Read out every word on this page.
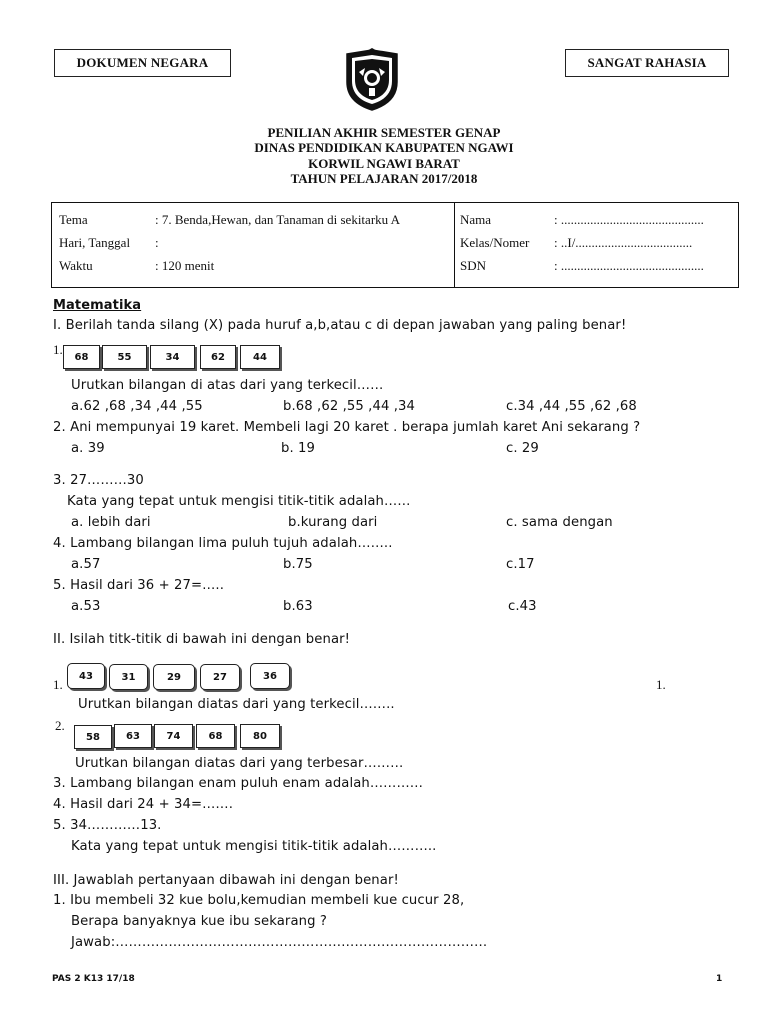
DOKUMEN NEGARA	SANGAT RAHASIA
PENILIAN AKHIR SEMESTER GENAP
DINAS PENDIDIKAN KABUPATEN NGAWI
KORWIL NGAWI BARAT
TAHUN PELAJARAN 2017/2018
Tema	: 7. Benda,Hewan, dan Tanaman di sekitarku A
Hari, Tanggal :
Waktu	: 120 menit
Nama	: ............................................
Kelas/Nomer : ..I/....................................
SDN	: ............................................
Matematika
I. Berilah tanda silang (X) pada huruf a,b,atau c di depan jawaban yang paling benar!
1.	68	55	34	62	44
Urutkan bilangan di atas dari yang terkecil……
a.62 ,68 ,34 ,44 ,55	b.68 ,62 ,55 ,44 ,34	c.34 ,44 ,55 ,62 ,68
2. Ani mempunyai 19 karet. Membeli lagi 20 karet . berapa jumlah karet Ani sekarang ?
a. 39	b. 19	c. 29
3. 27………30
Kata yang tepat untuk mengisi titik-titik adalah……
a. lebih dari	b.kurang dari	c. sama dengan
4. Lambang bilangan lima puluh tujuh adalah……..
a.57	b.75	c.17
5. Hasil dari 36 + 27=…..
a.53	b.63	c.43
II. Isilah titk-titik di bawah ini dengan benar!
1.
43	31	29	27	36
1.
Urutkan bilangan diatas dari yang terkecil……..
2.
58	63	74	68	80
Urutkan bilangan diatas dari yang terbesar………
3. Lambang bilangan enam puluh enam adalah…………
4. Hasil dari 24 + 34=…….
5. 34…………13.
Kata yang tepat untuk mengisi titik-titik adalah………..
III. Jawablah pertanyaan dibawah ini dengan benar!
1. Ibu membeli 32 kue bolu,kemudian membeli kue cucur 28,
Berapa banyaknya kue ibu sekarang ?
Jawab:…………………………………………………………………………
PAS 2 K13 17/18	1
